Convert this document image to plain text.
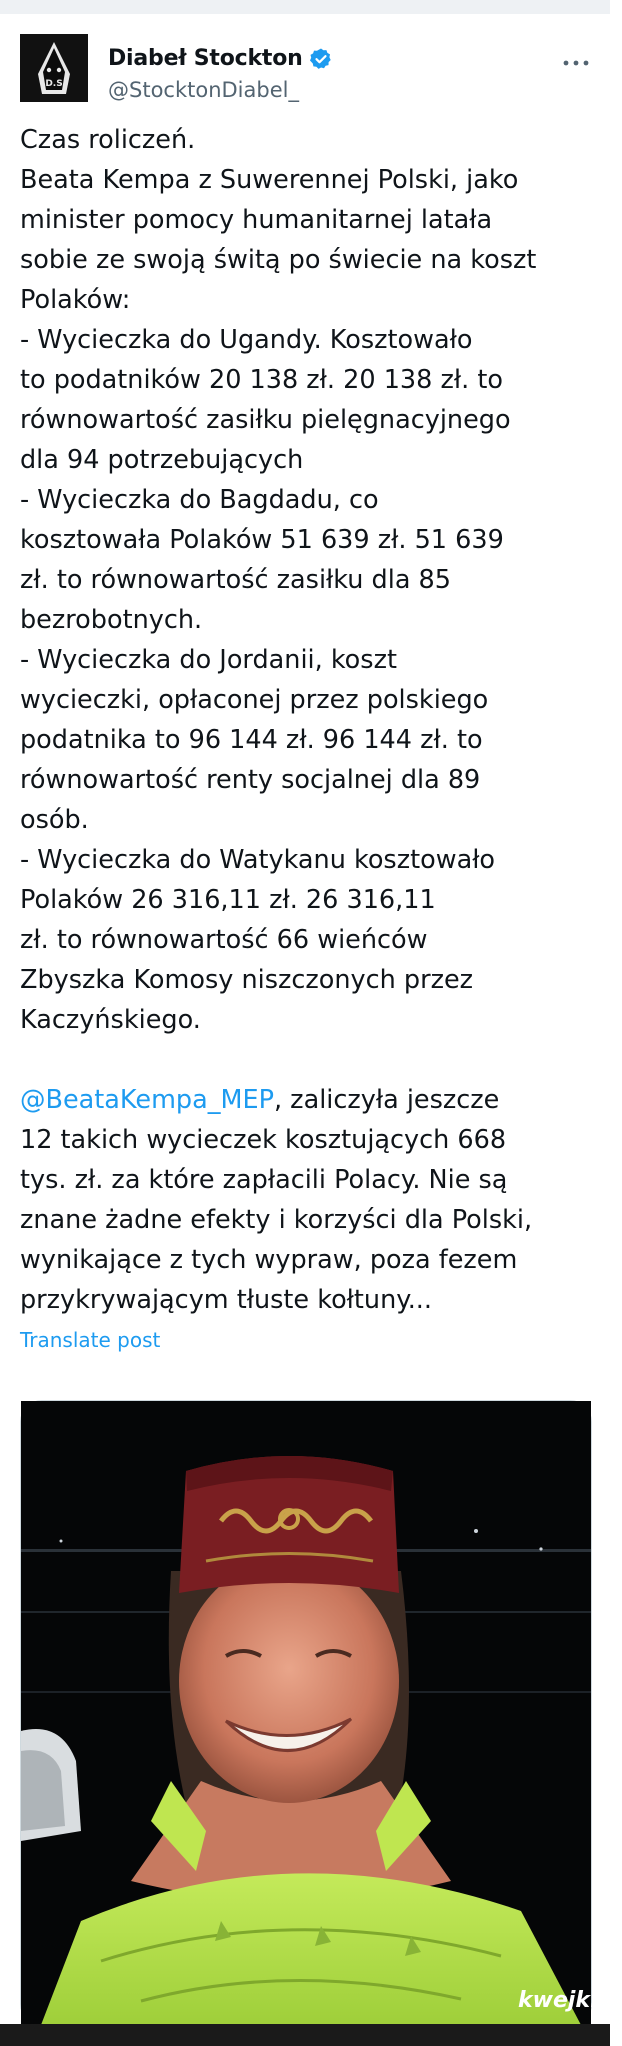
D.S
Diabeł Stockton
@StocktonDiabel_
Czas roliczeń.
Beata Kempa z Suwerennej Polski, jako
minister pomocy humanitarnej latała
sobie ze swoją świtą po świecie na koszt
Polaków:
- Wycieczka do Ugandy. Kosztowało
to podatników 20 138 zł. 20 138 zł. to
równowartość zasiłku pielęgnacyjnego
dla 94 potrzebujących
- Wycieczka do Bagdadu, co
kosztowała Polaków 51 639 zł. 51 639
zł. to równowartość zasiłku dla 85
bezrobotnych.
- Wycieczka do Jordanii, koszt
wycieczki, opłaconej przez polskiego
podatnika to 96 144 zł. 96 144 zł. to
równowartość renty socjalnej dla 89
osób.
- Wycieczka do Watykanu kosztowało
Polaków 26 316,11 zł. 26 316,11
zł. to równowartość 66 wieńców
Zbyszka Komosy niszczonych przez
Kaczyńskiego.
@BeataKempa_MEP, zaliczyła jeszcze
12 takich wycieczek kosztujących 668
tys. zł. za które zapłacili Polacy. Nie są
znane żadne efekty i korzyści dla Polski,
wynikające z tych wypraw, poza fezem
przykrywającym tłuste kołtuny...
Translate post
kwejk.pl
